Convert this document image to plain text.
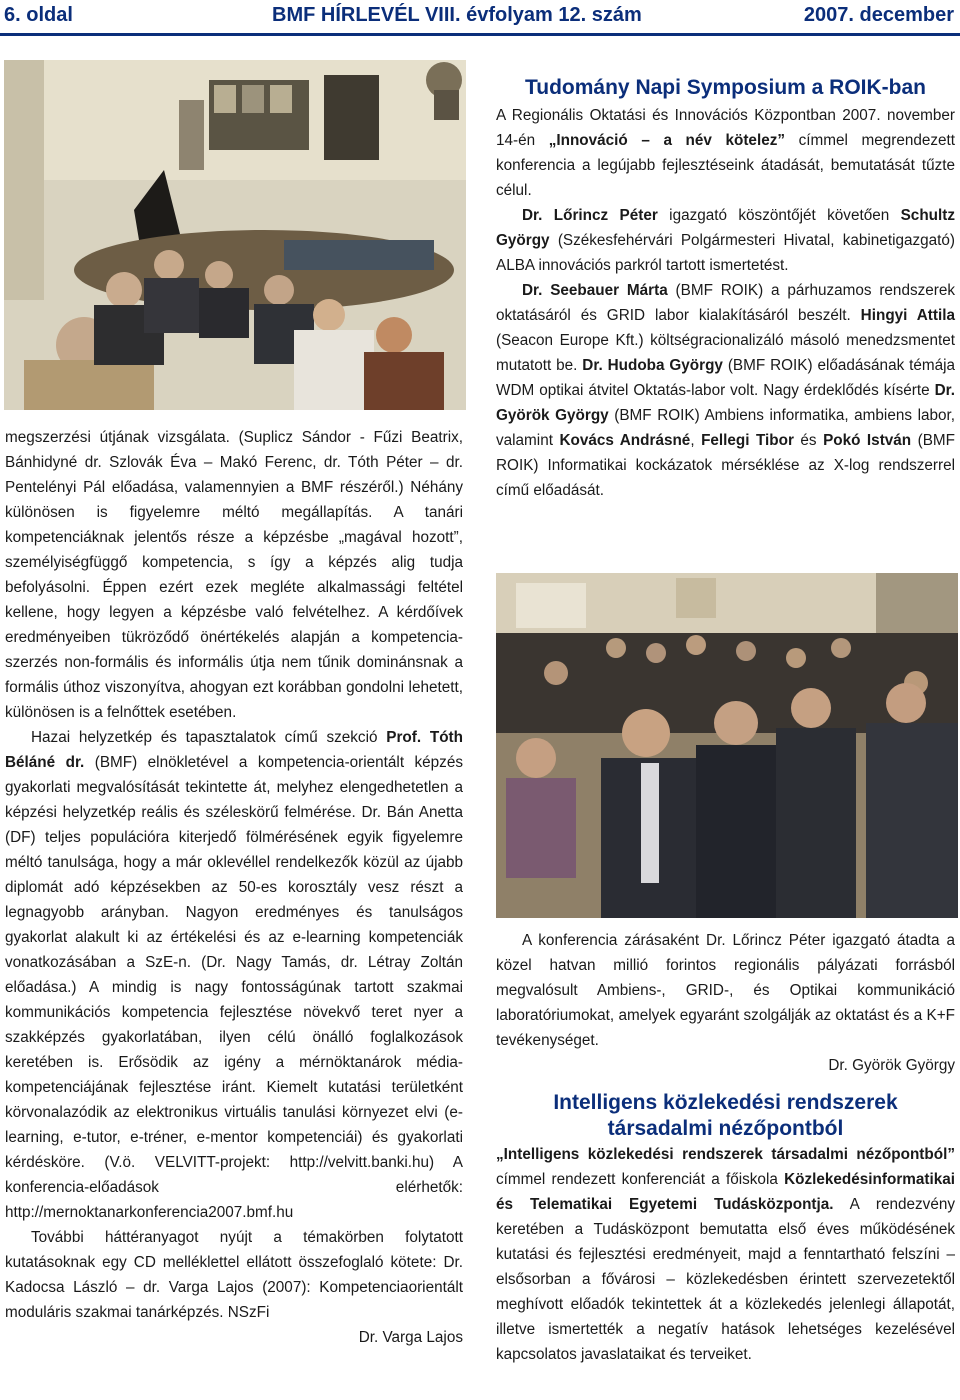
6. oldal	BMF HÍRLEVÉL VIII. évfolyam 12. szám	2007. december

megszerzési útjának vizsgálata. (Suplicz Sándor - Fűzi Beatrix, Bánhidyné dr. Szlovák Éva – Makó Ferenc, dr. Tóth Péter – dr. Pentelényi Pál előadása, valamennyien a BMF részéről.) Néhány különösen is figyelemre méltó megállapítás. A tanári kompetenciáknak jelentős része a képzésbe „magával hozott”, személyiségfüggő kompetencia, s így a képzés alig tudja befolyásolni. Éppen ezért ezek megléte alkalmassági feltétel kellene, hogy legyen a képzésbe való felvételhez. A kérdőívek eredményeiben tükröződő önértékelés alapján a kompetencia-szerzés non-formális és informális útja nem tűnik dominánsnak a formális úthoz viszonyítva, ahogyan ezt korábban gondolni lehetett, különösen is a felnőttek esetében.

Hazai helyzetkép és tapasztalatok című szekció Prof. Tóth Béláné dr. (BMF) elnökletével a kompetencia-orientált képzés gyakorlati megvalósítását tekintette át, melyhez elengedhetetlen a képzési helyzetkép reális és széleskörű felmérése. Dr. Bán Anetta (DF) teljes populációra kiterjedő fölmérésének egyik figyelemre méltó tanulsága, hogy a már oklevéllel rendelkezők közül az újabb diplomát adó képzésekben az 50-es korosztály vesz részt a legnagyobb arányban. Nagyon eredményes és tanulságos gyakorlat alakult ki az értékelési és az e-learning kompetenciák vonatkozásában a SzE-n. (Dr. Nagy Tamás, dr. Létray Zoltán előadása.) A mindig is nagy fontosságúnak tartott szakmai kommunikációs kompetencia fejlesztése növekvő teret nyer a szakképzés gyakorlatában, ilyen célú önálló foglalkozások keretében is. Erősödik az igény a mérnöktanárok média-kompetenciájának fejlesztése iránt. Kiemelt kutatási területként körvonalazódik az elektronikus virtuális tanulási környezet elvi (e-learning, e-tutor, e-tréner, e-mentor kompetenciái) és gyakorlati kérdésköre. (V.ö. VELVITT-projekt: http://velvitt.banki.hu) A konferencia-előadások elérhetők: http://mernoktanarkonferencia2007.bmf.hu

További háttéranyagot nyújt a témakörben folytatott kutatásoknak egy CD melléklettel ellátott összefoglaló kötete: Dr. Kadocsa László – dr. Varga Lajos (2007): Kompetenciaorientált moduláris szakmai tanárképzés. NSzFi

Dr. Varga Lajos
Tudomány Napi Symposium a ROIK-ban

A Regionális Oktatási és Innovációs Központban 2007. november 14-én „Innováció – a név kötelez” címmel megrendezett konferencia a legújabb fejlesztéseink átadását, bemutatását tűzte célul.

Dr. Lőrincz Péter igazgató köszöntőjét követően Schultz György (Székesfehérvári Polgármesteri Hivatal, kabinetigazgató) ALBA innovációs parkról tartott ismertetést.

Dr. Seebauer Márta (BMF ROIK) a párhuzamos rendszerek oktatásáról és GRID labor kialakításáról beszélt. Hingyi Attila (Seacon Europe Kft.) költségracionalizáló másoló menedzsmentet mutatott be. Dr. Hudoba György (BMF ROIK) előadásának témája WDM optikai átvitel Oktatás-labor volt. Nagy érdeklődés kísérte Dr. Györök György (BMF ROIK) Ambiens informatika, ambiens labor, valamint Kovács Andrásné, Fellegi Tibor és Pokó István (BMF ROIK) Informatikai kockázatok mérséklése az X-log rendszerrel című előadását.

A konferencia zárásaként Dr. Lőrincz Péter igazgató átadta a közel hatvan millió forintos regionális pályázati forrásból megvalósult Ambiens-, GRID-, és Optikai kommunikáció laboratóriumokat, amelyek egyaránt szolgálják az oktatást és a K+F tevékenységet.

Dr. Györök György
Intelligens közlekedési rendszerek
társadalmi nézőpontból

„Intelligens közlekedési rendszerek társadalmi nézőpontból” címmel rendezett konferenciát a főiskola Közlekedésinformatikai és Telematikai Egyetemi Tudásközpontja. A rendezvény keretében a Tudásközpont bemutatta első éves működésének kutatási és fejlesztési eredményeit, majd a fenntartható felszíni – elsősorban a fővárosi – közlekedésben érintett szervezetektől meghívott előadók tekintettek át a közlekedés jelenlegi állapotát, illetve ismertették a negatív hatások lehetséges kezelésével kapcsolatos javaslataikat és terveiket.
